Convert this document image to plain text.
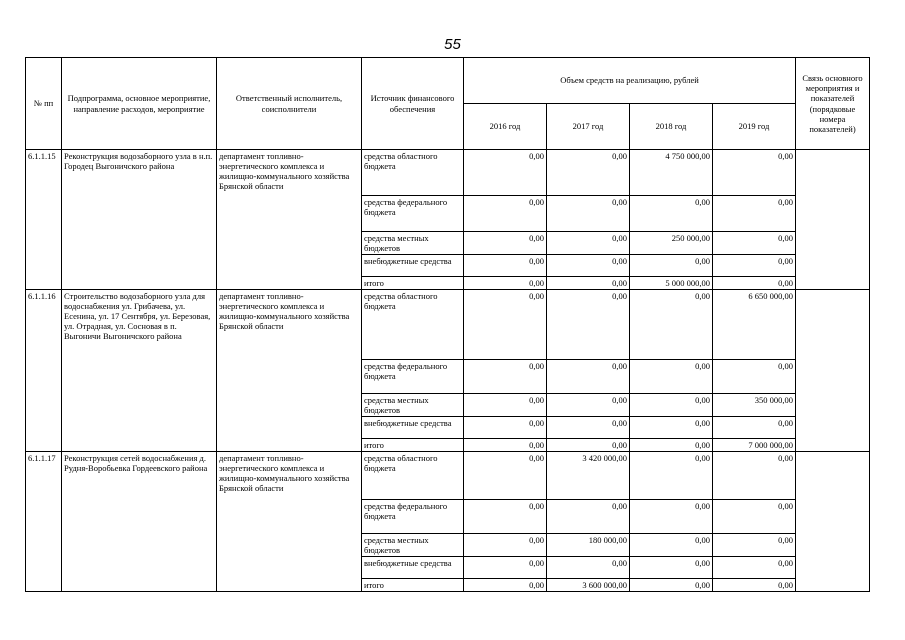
55
№ пп	Подпрограмма, основное мероприятие, направление расходов, мероприятие	Ответственный исполнитель, соисполнители	Источник финансового обеспечения	Объем средств на реализацию, рублей				Связь основного мероприятия и показателей (порядковые номера показателей)
				2016 год	2017 год	2018 год	2019 год	
6.1.1.15	Реконструкция водозаборного узла в н.п. Городец Выгоничского района	департамент топливно-энергетического комплекса и жилищно-коммунального хозяйства Брянской области	средства областного бюджета	0,00	0,00	4 750 000,00	0,00	
			средства федерального бюджета	0,00	0,00	0,00	0,00	
			средства местных бюджетов	0,00	0,00	250 000,00	0,00	
			внебюджетные средства	0,00	0,00	0,00	0,00	
			итого	0,00	0,00	5 000 000,00	0,00	
6.1.1.16	Строительство водозаборного узла для водоснабжения ул. Грибачева, ул. Есенина, ул. 17 Сентября, ул. Березовая, ул. Отрадная, ул. Сосновая в п. Выгоничи Выгоничского района	департамент топливно-энергетического комплекса и жилищно-коммунального хозяйства Брянской области	средства областного бюджета	0,00	0,00	0,00	6 650 000,00	
			средства федерального бюджета	0,00	0,00	0,00	0,00	
			средства местных бюджетов	0,00	0,00	0,00	350 000,00	
			внебюджетные средства	0,00	0,00	0,00	0,00	
			итого	0,00	0,00	0,00	7 000 000,00	
6.1.1.17	Реконструкция сетей водоснабжения д. Рудня-Воробьевка Гордеевского района	департамент топливно-энергетического комплекса и жилищно-коммунального хозяйства Брянской области	средства областного бюджета	0,00	3 420 000,00	0,00	0,00	
			средства федерального бюджета	0,00	0,00	0,00	0,00	
			средства местных бюджетов	0,00	180 000,00	0,00	0,00	
			внебюджетные средства	0,00	0,00	0,00	0,00	
			итого	0,00	3 600 000,00	0,00	0,00	
